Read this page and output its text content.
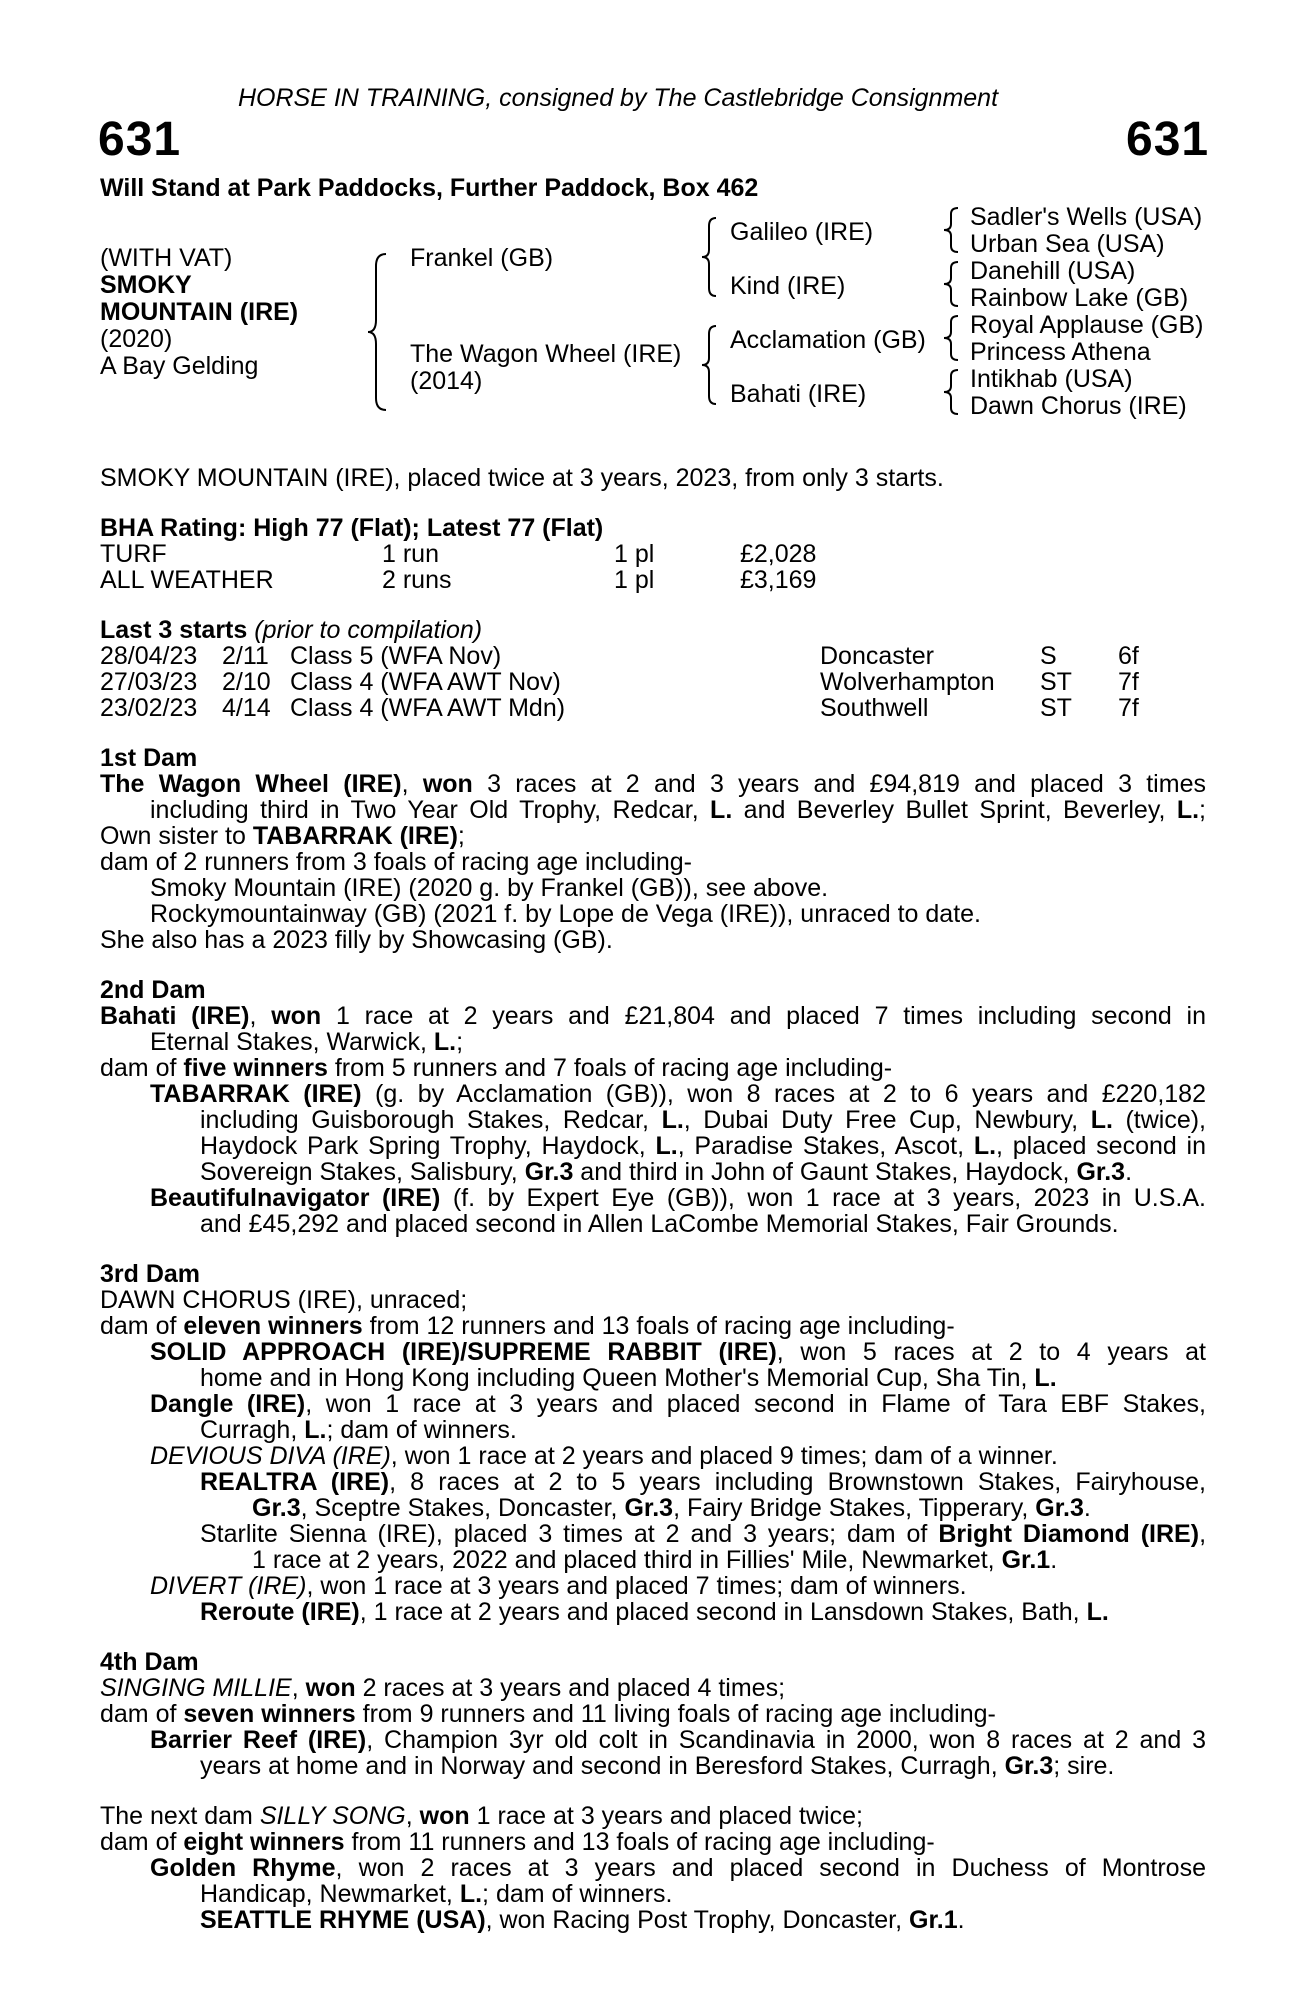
HORSE IN TRAINING, consigned by The Castlebridge Consignment
631	631
Will Stand at Park Paddocks, Further Paddock, Box 462
(WITH VAT)
SMOKY
MOUNTAIN (IRE)
(2020)
A Bay Gelding
Frankel (GB)
The Wagon Wheel (IRE)
(2014)
Galileo (IRE)
Kind (IRE)
Acclamation (GB)
Bahati (IRE)
Sadler's Wells (USA)
Urban Sea (USA)
Danehill (USA)
Rainbow Lake (GB)
Royal Applause (GB)
Princess Athena
Intikhab (USA)
Dawn Chorus (IRE)
SMOKY MOUNTAIN (IRE), placed twice at 3 years, 2023, from only 3 starts.
BHA Rating: High 77 (Flat); Latest 77 (Flat)
TURF	1 run	1 pl	£2,028
ALL WEATHER	2 runs	1 pl	£3,169
Last 3 starts (prior to compilation)
28/04/23 2/11 Class 5 (WFA Nov)	Doncaster	S 6f
27/03/23 2/10 Class 4 (WFA AWT Nov)	Wolverhampton ST 7f
23/02/23 4/14 Class 4 (WFA AWT Mdn)	Southwell	ST 7f
1st Dam
The Wagon Wheel (IRE), won 3 races at 2 and 3 years and £94,819 and placed 3 times
including third in Two Year Old Trophy, Redcar, L. and Beverley Bullet Sprint, Beverley, L.;
Own sister to TABARRAK (IRE);
dam of 2 runners from 3 foals of racing age including-
Smoky Mountain (IRE) (2020 g. by Frankel (GB)), see above.
Rockymountainway (GB) (2021 f. by Lope de Vega (IRE)), unraced to date.
She also has a 2023 filly by Showcasing (GB).
2nd Dam
Bahati (IRE), won 1 race at 2 years and £21,804 and placed 7 times including second in
Eternal Stakes, Warwick, L.;
dam of five winners from 5 runners and 7 foals of racing age including-
TABARRAK (IRE) (g. by Acclamation (GB)), won 8 races at 2 to 6 years and £220,182
including Guisborough Stakes, Redcar, L., Dubai Duty Free Cup, Newbury, L. (twice),
Haydock Park Spring Trophy, Haydock, L., Paradise Stakes, Ascot, L., placed second in
Sovereign Stakes, Salisbury, Gr.3 and third in John of Gaunt Stakes, Haydock, Gr.3.
Beautifulnavigator (IRE) (f. by Expert Eye (GB)), won 1 race at 3 years, 2023 in U.S.A.
and £45,292 and placed second in Allen LaCombe Memorial Stakes, Fair Grounds.
3rd Dam
DAWN CHORUS (IRE), unraced;
dam of eleven winners from 12 runners and 13 foals of racing age including-
SOLID APPROACH (IRE)/SUPREME RABBIT (IRE), won 5 races at 2 to 4 years at
home and in Hong Kong including Queen Mother's Memorial Cup, Sha Tin, L.
Dangle (IRE), won 1 race at 3 years and placed second in Flame of Tara EBF Stakes,
Curragh, L.; dam of winners.
DEVIOUS DIVA (IRE), won 1 race at 2 years and placed 9 times; dam of a winner.
REALTRA (IRE), 8 races at 2 to 5 years including Brownstown Stakes, Fairyhouse,
Gr.3, Sceptre Stakes, Doncaster, Gr.3, Fairy Bridge Stakes, Tipperary, Gr.3.
Starlite Sienna (IRE), placed 3 times at 2 and 3 years; dam of Bright Diamond (IRE),
1 race at 2 years, 2022 and placed third in Fillies' Mile, Newmarket, Gr.1.
DIVERT (IRE), won 1 race at 3 years and placed 7 times; dam of winners.
Reroute (IRE), 1 race at 2 years and placed second in Lansdown Stakes, Bath, L.
4th Dam
SINGING MILLIE, won 2 races at 3 years and placed 4 times;
dam of seven winners from 9 runners and 11 living foals of racing age including-
Barrier Reef (IRE), Champion 3yr old colt in Scandinavia in 2000, won 8 races at 2 and 3
years at home and in Norway and second in Beresford Stakes, Curragh, Gr.3; sire.
The next dam SILLY SONG, won 1 race at 3 years and placed twice;
dam of eight winners from 11 runners and 13 foals of racing age including-
Golden Rhyme, won 2 races at 3 years and placed second in Duchess of Montrose
Handicap, Newmarket, L.; dam of winners.
SEATTLE RHYME (USA), won Racing Post Trophy, Doncaster, Gr.1.
